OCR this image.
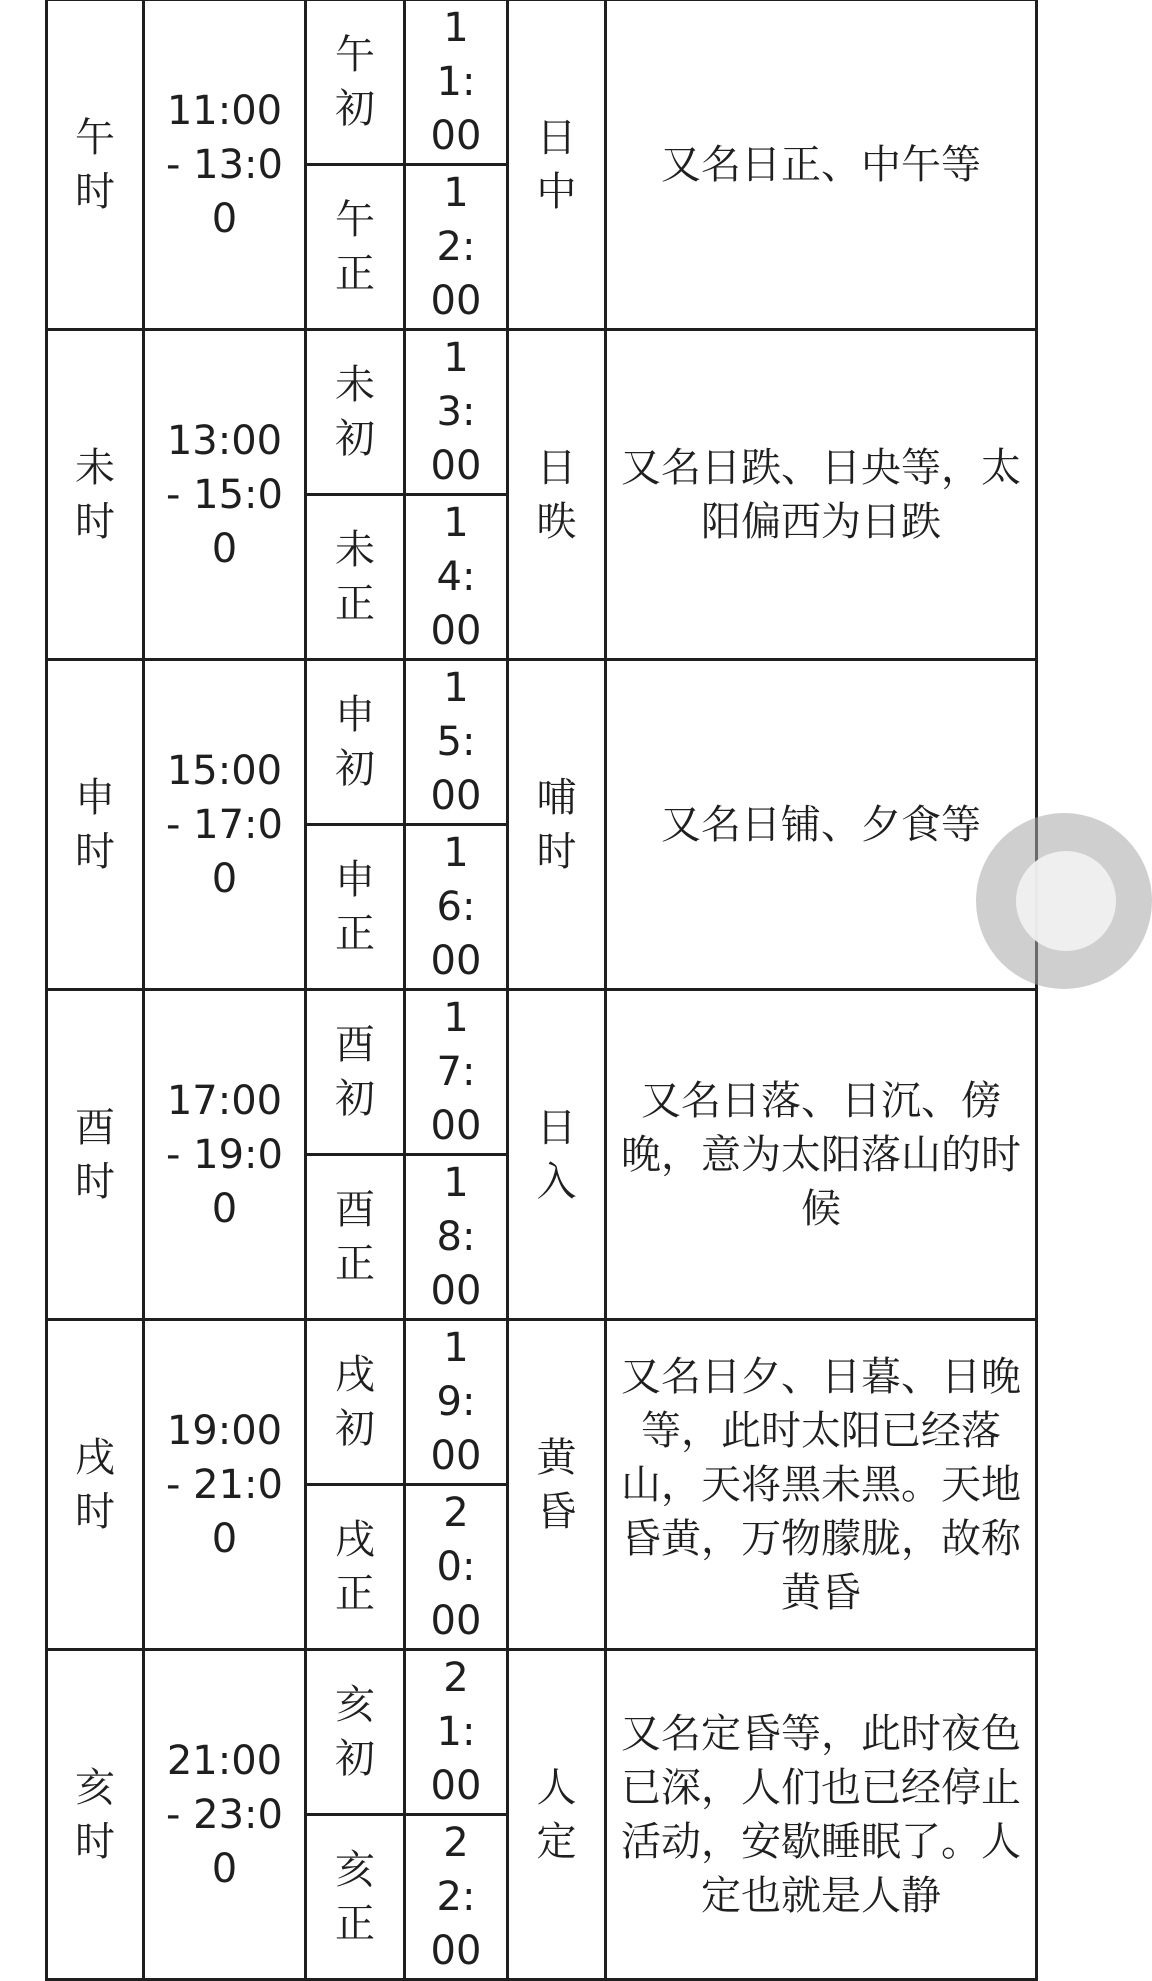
午时	11:00 - 13:00	午初	11:00	日中	又名日正、中午等

		午正	12:00		

未时	13:00 - 15:00	未初	13:00	日昳	又名日跌、日央等，太阳偏西为日跌

		未正	14:00		

申时	15:00 - 17:00	申初	15:00	哺时	又名日铺、夕食等

		申正	16:00		

酉时	17:00 - 19:00	酉初	17:00	日入	又名日落、日沉、傍晚，意为太阳落山的时候

		酉正	18:00		

戌时	19:00 - 21:00	戌初	19:00	黄昏	又名日夕、日暮、日晚等，此时太阳已经落山，天将黑未黑。天地昏黄，万物朦胧，故称黄昏

		戌正	20:00		

亥时	21:00 - 23:00	亥初	21:00	人定	又名定昏等，此时夜色已深，人们也已经停止活动，安歇睡眠了。人定也就是人静

		亥正	22:00		
